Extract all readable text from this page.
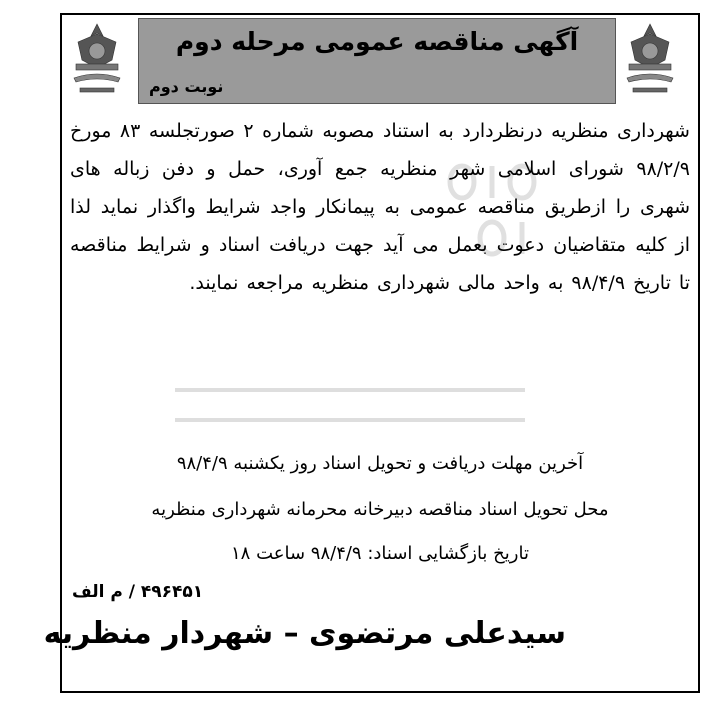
آگهی مناقصه عمومی مرحله دوم
نوبت دوم
شهرداری منظریه درنظردارد به استناد مصوبه شماره ۲ صورتجلسه ۸۳ مورخ ۹۸/۲/۹ شورای اسلامی شهر منظریه جمع آوری، حمل و دفن زباله های شهری را ازطریق مناقصه عمومی به پیمانکار واجد شرایط واگذار نماید لذا از کلیه متقاضیان دعوت بعمل می آید جهت دریافت اسناد و شرایط مناقصه تا تاریخ ۹۸/۴/۹ به واحد مالی شهرداری منظریه مراجعه نمایند.
آخرین مهلت دریافت و تحویل اسناد روز یکشنبه ۹۸/۴/۹
محل تحویل اسناد مناقصه دبیرخانه محرمانه شهرداری منظریه
تاریخ بازگشایی اسناد: ۹۸/۴/۹ ساعت ۱۸
۴۹۶۴۵۱ / م الف
سیدعلی مرتضوی – شهردار منظریه
